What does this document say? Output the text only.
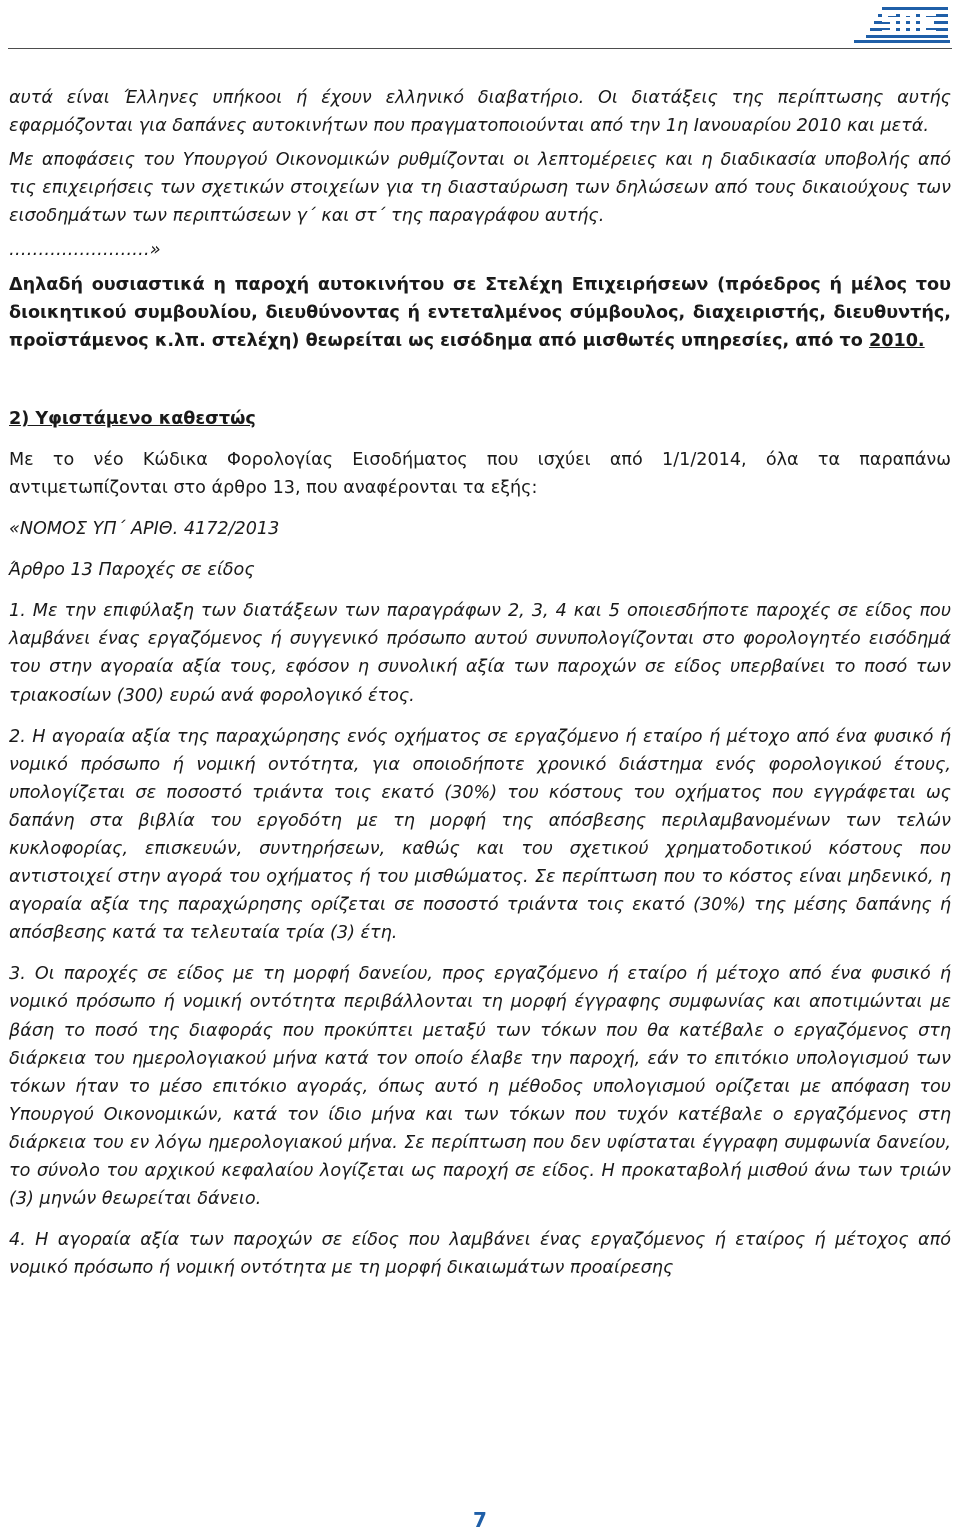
αυτά είναι Έλληνες υπήκοοι ή έχουν ελληνικό διαβατήριο. Οι διατάξεις της περίπτωσης αυτής εφαρμόζονται για δαπάνες αυτοκινήτων που πραγματοποιούνται από την 1η Ιανουαρίου 2010 και μετά.

Με αποφάσεις του Υπουργού Οικονομικών ρυθμίζονται οι λεπτομέρειες και η διαδικασία υποβολής από τις επιχειρήσεις των σχετικών στοιχείων για τη διασταύρωση των δηλώσεων από τους δικαιούχους των εισοδημάτων των περιπτώσεων γ΄ και στ΄ της παραγράφου αυτής.

……………………»

Δηλαδή ουσιαστικά η παροχή αυτοκινήτου σε Στελέχη Επιχειρήσεων (πρόεδρος ή μέλος του διοικητικού συμβουλίου, διευθύνοντας ή εντεταλμένος σύμβουλος, διαχειριστής, διευθυντής, προϊστάμενος κ.λπ. στελέχη) θεωρείται ως εισόδημα από μισθωτές υπηρεσίες, από το 2010.

2) Υφιστάμενο καθεστώς

Με το νέο Κώδικα Φορολογίας Εισοδήματος που ισχύει από 1/1/2014, όλα τα παραπάνω αντιμετωπίζονται στο άρθρο 13, που αναφέρονται τα εξής:

«ΝΟΜΟΣ ΥΠ΄ ΑΡΙΘ. 4172/2013

Άρθρο 13 Παροχές σε είδος

1. Με την επιφύλαξη των διατάξεων των παραγράφων 2, 3, 4 και 5 οποιεσδήποτε παροχές σε είδος που λαμβάνει ένας εργαζόμενος ή συγγενικό πρόσωπο αυτού συνυπολογίζονται στο φορολογητέο εισόδημά του στην αγοραία αξία τους, εφόσον η συνολική αξία των παροχών σε είδος υπερβαίνει το ποσό των τριακοσίων (300) ευρώ ανά φορολογικό έτος.

2. Η αγοραία αξία της παραχώρησης ενός οχήματος σε εργαζόμενο ή εταίρο ή μέτοχο από ένα φυσικό ή νομικό πρόσωπο ή νομική οντότητα, για οποιοδήποτε χρονικό διάστημα ενός φορολογικού έτους, υπολογίζεται σε ποσοστό τριάντα τοις εκατό (30%) του κόστους του οχήματος που εγγράφεται ως δαπάνη στα βιβλία του εργοδότη με τη μορφή της απόσβεσης περιλαμβανομένων των τελών κυκλοφορίας, επισκευών, συντηρήσεων, καθώς και του σχετικού χρηματοδοτικού κόστους που αντιστοιχεί στην αγορά του οχήματος ή του μισθώματος. Σε περίπτωση που το κόστος είναι μηδενικό, η αγοραία αξία της παραχώρησης ορίζεται σε ποσοστό τριάντα τοις εκατό (30%) της μέσης δαπάνης ή απόσβεσης κατά τα τελευταία τρία (3) έτη.

3. Οι παροχές σε είδος με τη μορφή δανείου, προς εργαζόμενο ή εταίρο ή μέτοχο από ένα φυσικό ή νομικό πρόσωπο ή νομική οντότητα περιβάλλονται τη μορφή έγγραφης συμφωνίας και αποτιμώνται με βάση το ποσό της διαφοράς που προκύπτει μεταξύ των τόκων που θα κατέβαλε ο εργαζόμενος στη διάρκεια του ημερολογιακού μήνα κατά τον οποίο έλαβε την παροχή, εάν το επιτόκιο υπολογισμού των τόκων ήταν το μέσο επιτόκιο αγοράς, όπως αυτό η μέθοδος υπολογισμού ορίζεται με απόφαση του Υπουργού Οικονομικών, κατά τον ίδιο μήνα και των τόκων που τυχόν κατέβαλε ο εργαζόμενος στη διάρκεια του εν λόγω ημερολογιακού μήνα. Σε περίπτωση που δεν υφίσταται έγγραφη συμφωνία δανείου, το σύνολο του αρχικού κεφαλαίου λογίζεται ως παροχή σε είδος. Η προκαταβολή μισθού άνω των τριών (3) μηνών θεωρείται δάνειο.

4. Η αγοραία αξία των παροχών σε είδος που λαμβάνει ένας εργαζόμενος ή εταίρος ή μέτοχος από νομικό πρόσωπο ή νομική οντότητα με τη μορφή δικαιωμάτων προαίρεσης

7
